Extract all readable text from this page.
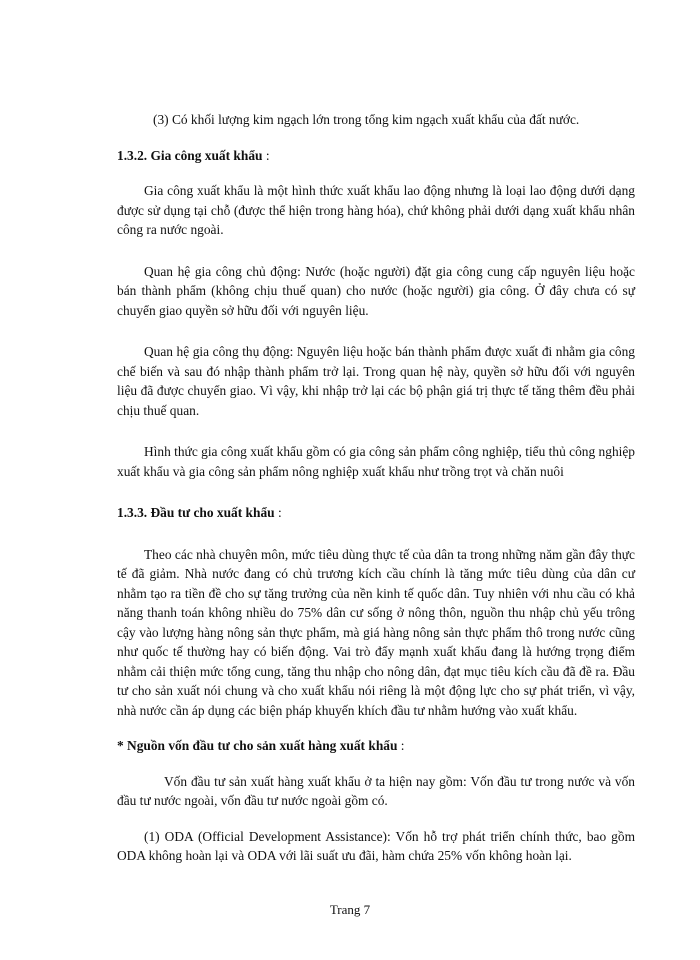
(3) Có khối lượng kim ngạch lớn trong tổng kim ngạch xuất khẩu của đất nước.

1.3.2. Gia công xuất khẩu :

Gia công xuất khẩu là một hình thức xuất khẩu lao động nhưng là loại lao động dưới dạng được sử dụng tại chỗ (được thể hiện trong hàng hóa), chứ không phải dưới dạng xuất khẩu nhân công ra nước ngoài.

Quan hệ gia công chủ động: Nước (hoặc người) đặt gia công cung cấp nguyên liệu hoặc bán thành phẩm (không chịu thuế quan) cho nước (hoặc người) gia công. Ở đây chưa có sự chuyển giao quyền sở hữu đối với nguyên liệu.

Quan hệ gia công thụ động: Nguyên liệu hoặc bán thành phẩm được xuất đi nhằm gia công chế biến và sau đó nhập thành phẩm trở lại. Trong quan hệ này, quyền sở hữu đối với nguyên liệu đã được chuyển giao. Vì vậy, khi nhập trở lại các bộ phận giá trị thực tế tăng thêm đều phải chịu thuế quan.

Hình thức gia công xuất khẩu gồm có gia công sản phẩm công nghiệp, tiểu thủ công nghiệp xuất khẩu và gia công sản phẩm nông nghiệp xuất khẩu như trồng trọt và chăn nuôi

1.3.3. Đầu tư cho xuất khẩu :

Theo các nhà chuyên môn, mức tiêu dùng thực tế của dân ta trong những năm gần đây thực tế đã giảm. Nhà nước đang có chủ trương kích cầu chính là tăng mức tiêu dùng của dân cư nhằm tạo ra tiền đề cho sự tăng trưởng của nền kinh tế quốc dân. Tuy nhiên với nhu cầu có khả năng thanh toán không nhiều do 75% dân cư sống ở nông thôn, nguồn thu nhập chủ yếu trông cậy vào lượng hàng nông sản thực phẩm, mà giá hàng nông sản thực phẩm thô trong nước cũng như quốc tế thường hay có biến động. Vai trò đẩy mạnh xuất khẩu đang là hướng trọng điểm nhằm cải thiện mức tổng cung, tăng thu nhập cho nông dân, đạt mục tiêu kích cầu đã đề ra. Đầu tư cho sản xuất nói chung và cho xuất khẩu nói riêng là một động lực cho sự phát triển, vì vậy, nhà nước cần áp dụng các biện pháp khuyến khích đầu tư nhằm hướng vào xuất khẩu.

* Nguồn vốn đầu tư cho sản xuất hàng xuất khẩu :

Vốn đầu tư sản xuất hàng xuất khẩu ở ta hiện nay gồm: Vốn đầu tư trong nước và vốn đầu tư nước ngoài, vốn đầu tư nước ngoài gồm có.

(1) ODA (Official Development Assistance): Vốn hỗ trợ phát triển chính thức, bao gồm ODA không hoàn lại và ODA với lãi suất ưu đãi, hàm chứa 25% vốn không hoàn lại.

Trang 7
